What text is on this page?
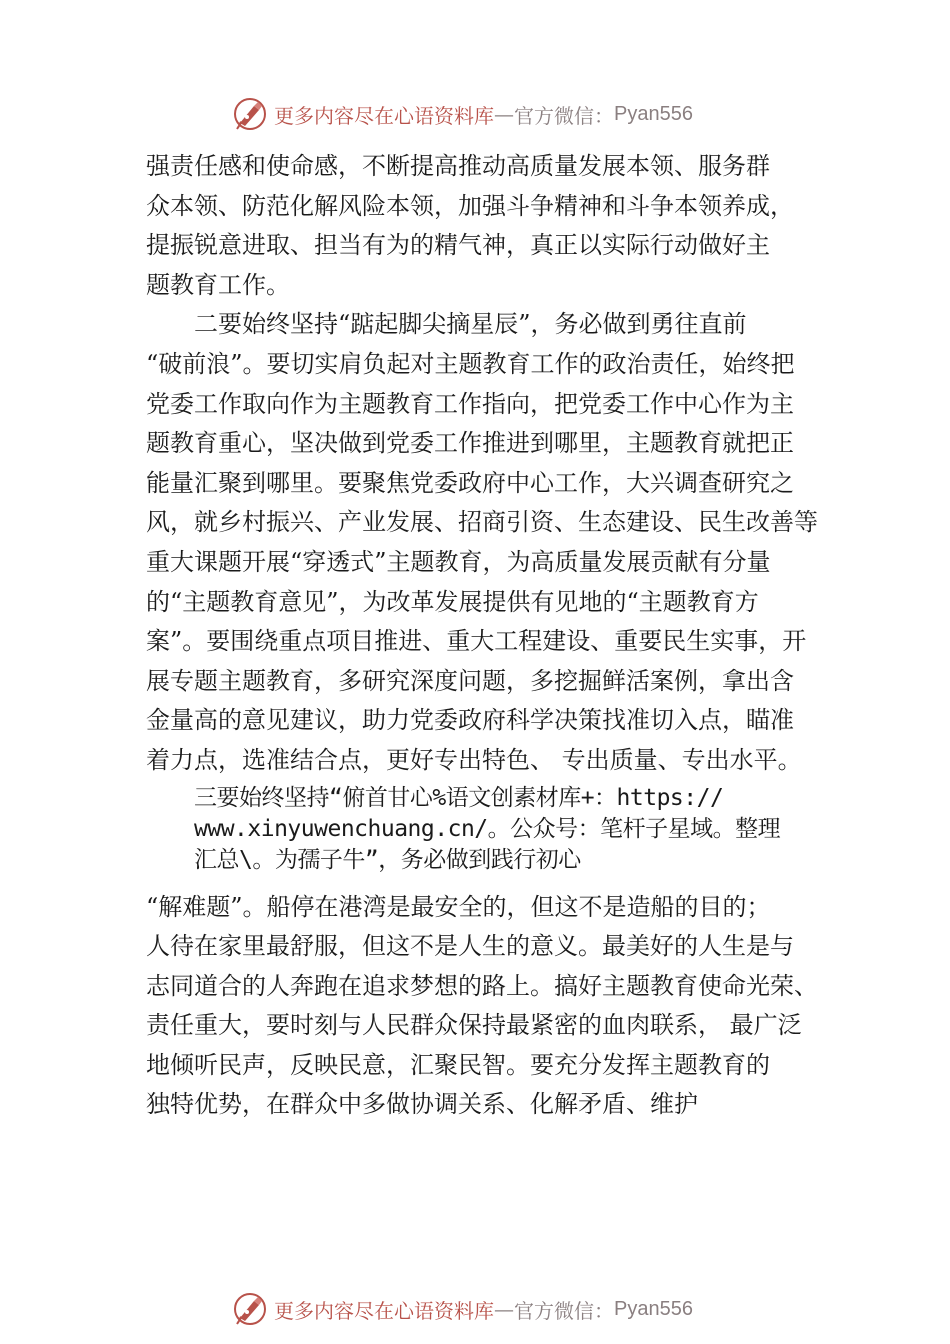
更多内容尽在心语资料库 — 官方微信： Pyan556
强责任感和使命感，不断提高推动高质量发展本领、服务群
众本领、防范化解风险本领，加强斗争精神和斗争本领养成，
提振锐意进取、担当有为的精气神，真正以实际行动做好主
题教育工作。
二要始终坚持“踮起脚尖摘星辰”，务必做到勇往直前
“破前浪”。要切实肩负起对主题教育工作的政治责任，始终把
党委工作取向作为主题教育工作指向，把党委工作中心作为主
题教育重心，坚决做到党委工作推进到哪里，主题教育就把正
能量汇聚到哪里。要聚焦党委政府中心工作，大兴调查研究之
风，就乡村振兴、产业发展、招商引资、生态建设、民生改善等
重大课题开展“穿透式”主题教育，为高质量发展贡献有分量
的“主题教育意见”，为改革发展提供有见地的“主题教育方
案”。要围绕重点项目推进、重大工程建设、重要民生实事，开
展专题主题教育，多研究深度问题，多挖掘鲜活案例，拿出含
金量高的意见建议，助力党委政府科学决策找准切入点，瞄准
着力点，选准结合点，更好专出特色、 专出质量、专出水平。
三要始终坚持“俯首甘心%语文创素材库+：https://
www.xinyuwenchuang.cn/。公众号：笔杆子星域。整理
汇总\。为孺子牛”，务必做到践行初心
“解难题”。船停在港湾是最安全的，但这不是造船的目的；
人待在家里最舒服，但这不是人生的意义。最美好的人生是与
志同道合的人奔跑在追求梦想的路上。搞好主题教育使命光荣、
责任重大，要时刻与人民群众保持最紧密的血肉联系， 最广泛
地倾听民声，反映民意，汇聚民智。要充分发挥主题教育的
独特优势，在群众中多做协调关系、化解矛盾、维护
更多内容尽在心语资料库 — 官方微信： Pyan556
